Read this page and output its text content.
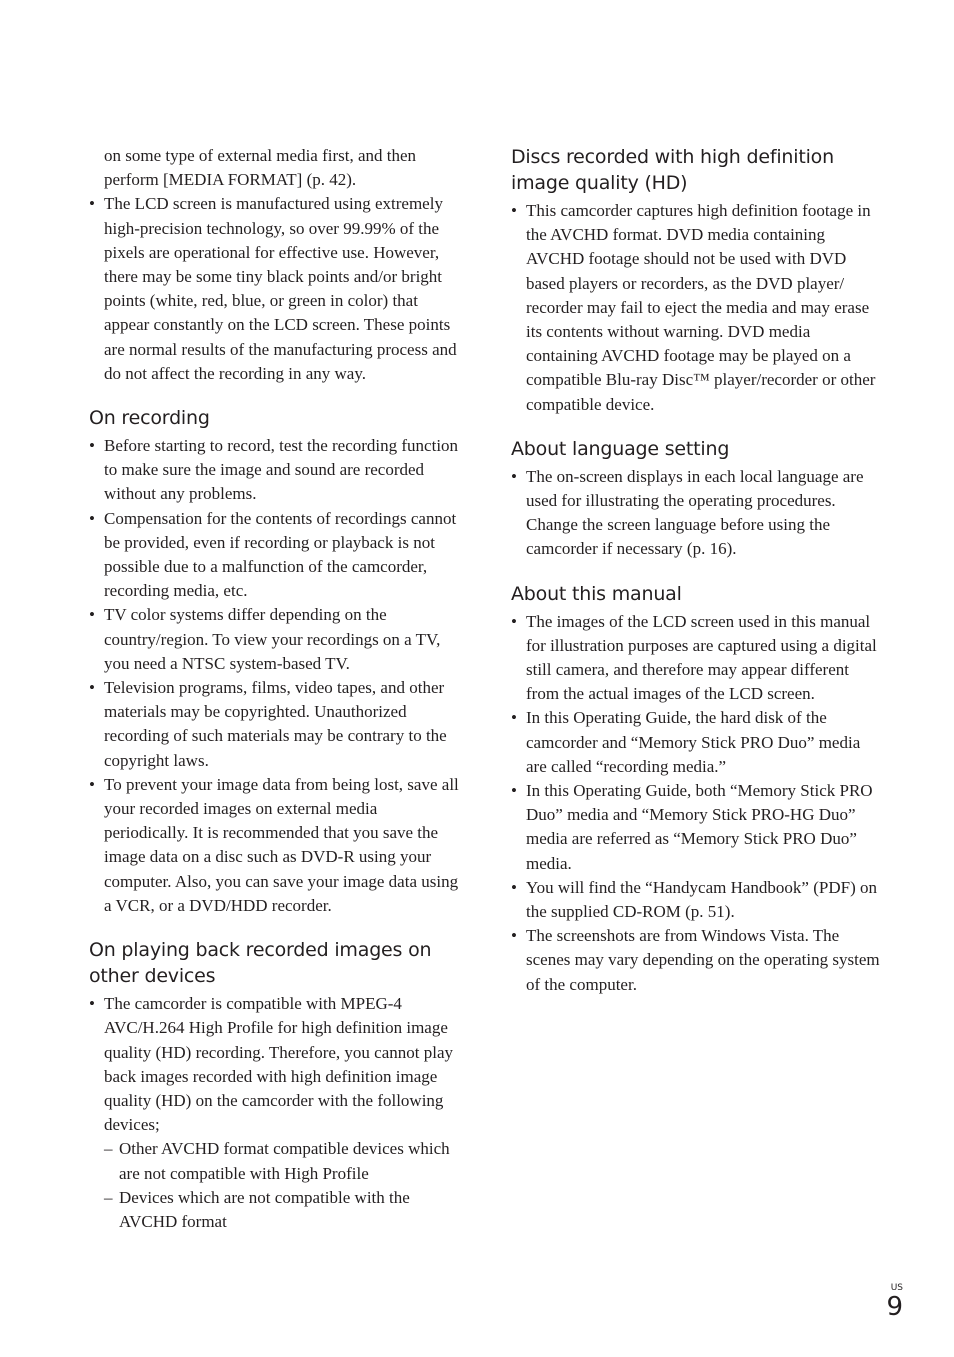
on some type of external media first, and then perform [MEDIA FORMAT] (p. 42).

• The LCD screen is manufactured using extremely high-precision technology, so over 99.99% of the pixels are operational for effective use. However, there may be some tiny black points and/or bright points (white, red, blue, or green in color) that appear constantly on the LCD screen. These points are normal results of the manufacturing process and do not affect the recording in any way.
On recording
• Before starting to record, test the recording function to make sure the image and sound are recorded without any problems.
• Compensation for the contents of recordings cannot be provided, even if recording or playback is not possible due to a malfunction of the camcorder, recording media, etc.
• TV color systems differ depending on the country/region. To view your recordings on a TV, you need a NTSC system-based TV.
• Television programs, films, video tapes, and other materials may be copyrighted. Unauthorized recording of such materials may be contrary to the copyright laws.
• To prevent your image data from being lost, save all your recorded images on external media periodically. It is recommended that you save the image data on a disc such as DVD-R using your computer. Also, you can save your image data using a VCR, or a DVD/HDD recorder.
On playing back recorded images on other devices
• The camcorder is compatible with MPEG-4 AVC/H.264 High Profile for high definition image quality (HD) recording. Therefore, you cannot play back images recorded with high definition image quality (HD) on the camcorder with the following devices;
– Other AVCHD format compatible devices which are not compatible with High Profile
– Devices which are not compatible with the AVCHD format
Discs recorded with high definition image quality (HD)
• This camcorder captures high definition footage in the AVCHD format. DVD media containing AVCHD footage should not be used with DVD based players or recorders, as the DVD player/ recorder may fail to eject the media and may erase its contents without warning. DVD media containing AVCHD footage may be played on a compatible Blu-ray Disc™ player/recorder or other compatible device.
About language setting
• The on-screen displays in each local language are used for illustrating the operating procedures. Change the screen language before using the camcorder if necessary (p. 16).
About this manual
• The images of the LCD screen used in this manual for illustration purposes are captured using a digital still camera, and therefore may appear different from the actual images of the LCD screen.
• In this Operating Guide, the hard disk of the camcorder and “Memory Stick PRO Duo” media are called “recording media.”
• In this Operating Guide, both “Memory Stick PRO Duo” media and “Memory Stick PRO-HG Duo” media are referred as “Memory Stick PRO Duo” media.
• You will find the “Handycam Handbook” (PDF) on the supplied CD-ROM (p. 51).
• The screenshots are from Windows Vista. The scenes may vary depending on the operating system of the computer.
US
9
